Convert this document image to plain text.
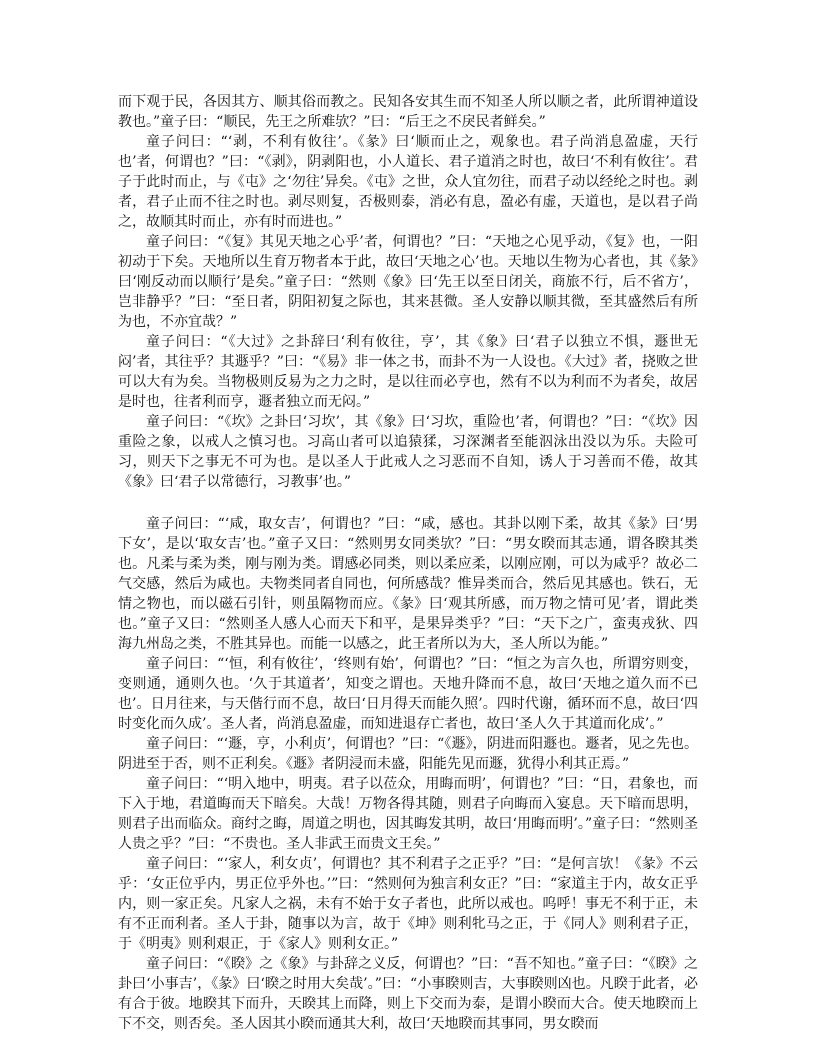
而下观于民，各因其方、顺其俗而教之。民知各安其生而不知圣人所以顺之者，此所谓神道设教也。”童子曰：“顺民，先王之所难欤？”曰：“后王之不戾民者鲜矣。”

童子问曰：“‘剥，不利有攸往’。《彖》曰‘顺而止之，观象也。君子尚消息盈虚，天行也’者，何谓也？”曰：“《剥》，阴剥阳也，小人道长、君子道消之时也，故曰‘不利有攸往’。君子于此时而止，与《屯》之‘勿往’异矣。《屯》之世，众人宜勿往，而君子动以经纶之时也。剥者，君子止而不往之时也。剥尽则复，否极则泰，消必有息，盈必有虚，天道也，是以君子尚之，故顺其时而止，亦有时而进也。”

童子问曰：“《复》其见天地之心乎’者，何谓也？”曰：“天地之心见乎动，《复》也，一阳初动于下矣。天地所以生育万物者本于此，故曰‘天地之心’也。天地以生物为心者也，其《彖》曰‘刚反动而以顺行’是矣。”童子曰：“然则《象》曰‘先王以至日闭关，商旅不行，后不省方’，岂非静乎？”曰：“至日者，阴阳初复之际也，其来甚微。圣人安静以顺其微，至其盛然后有所为也，不亦宜哉？”

童子问曰：“《大过》之卦辞曰‘利有攸往，亨’，其《象》曰‘君子以独立不惧，遯世无闷’者，其往乎？其遯乎？”曰：“《易》非一体之书，而卦不为一人设也。《大过》者，挠败之世可以大有为矣。当物极则反易为之力之时，是以往而必亨也，然有不以为利而不为者矣，故居是时也，往者利而亨，遯者独立而无闷。”

童子问曰：“《坎》之卦曰‘习坎’，其《象》曰‘习坎，重险也’者，何谓也？”曰：“《坎》因重险之象，以戒人之慎习也。习高山者可以追猿猱，习深渊者至能泅泳出没以为乐。夫险可习，则天下之事无不可为也。是以圣人于此戒人之习恶而不自知，诱人于习善而不倦，故其《象》曰‘君子以常德行，习教事’也。”

童子问曰：“‘咸，取女吉’，何谓也？”曰：“咸，感也。其卦以刚下柔，故其《彖》曰‘男下女’，是以‘取女吉’也。”童子又曰：“然则男女同类欤？”曰：“男女睽而其志通，谓各睽其类也。凡柔与柔为类，刚与刚为类。谓感必同类，则以柔应柔，以刚应刚，可以为咸乎？故必二气交感，然后为咸也。夫物类同者自同也，何所感哉？惟异类而合，然后见其感也。铁石，无情之物也，而以磁石引针，则虽隔物而应。《彖》曰‘观其所感，而万物之情可见’者，谓此类也。”童子又曰：“然则圣人感人心而天下和平，是果异类乎？”曰：“天下之广，蛮夷戎狄、四海九州岛之类，不胜其异也。而能一以感之，此王者所以为大，圣人所以为能。”

童子问曰：“‘恒，利有攸往’，‘终则有始’，何谓也？”曰：“恒之为言久也，所谓穷则变，变则通，通则久也。‘久于其道者’，知变之谓也。天地升降而不息，故曰‘天地之道久而不已也’。日月往来，与天偕行而不息，故曰‘日月得天而能久照’。四时代谢，循环而不息，故曰‘四时变化而久成’。圣人者，尚消息盈虚，而知进退存亡者也，故曰‘圣人久于其道而化成’。”

童子问曰：“‘遯，亨，小利贞’，何谓也？”曰：“《遯》，阴进而阳遯也。遯者，见之先也。阴进至于否，则不正利矣。《遯》者阴浸而未盛，阳能先见而遯，犹得小利其正焉。”

童子问曰：“‘明入地中，明夷。君子以莅众，用晦而明’，何谓也？”曰：“日，君象也，而下入于地，君道晦而天下暗矣。大哉！万物各得其随，则君子向晦而入宴息。天下暗而思明，则君子出而临众。商纣之晦，周道之明也，因其晦发其明，故曰‘用晦而明’。”童子曰：“然则圣人贵之乎？”曰：“不贵也。圣人非武王而贵文王矣。”

童子问曰：“‘家人，利女贞’，何谓也？其不利君子之正乎？”曰：“是何言欤！《彖》不云乎：‘女正位乎内，男正位乎外也。’”曰：“然则何为独言利女正？”曰：“家道主于内，故女正乎内，则一家正矣。凡家人之祸，未有不始于女子者也，此所以戒也。呜呼！事无不利于正，未有不正而利者。圣人于卦，随事以为言，故于《坤》则利牝马之正，于《同人》则利君子正，于《明夷》则利艰正，于《家人》则利女正。”

童子问曰：“《睽》之《象》与卦辞之义反，何谓也？”曰：“吾不知也。”童子曰：“《睽》之卦曰‘小事吉’，《彖》曰‘睽之时用大矣哉’。”曰：“小事睽则吉，大事睽则凶也。凡睽于此者，必有合于彼。地睽其下而升，天睽其上而降，则上下交而为泰，是谓小睽而大合。使天地睽而上下不交，则否矣。圣人因其小睽而通其大利，故曰‘天地睽而其事同，男女睽而
